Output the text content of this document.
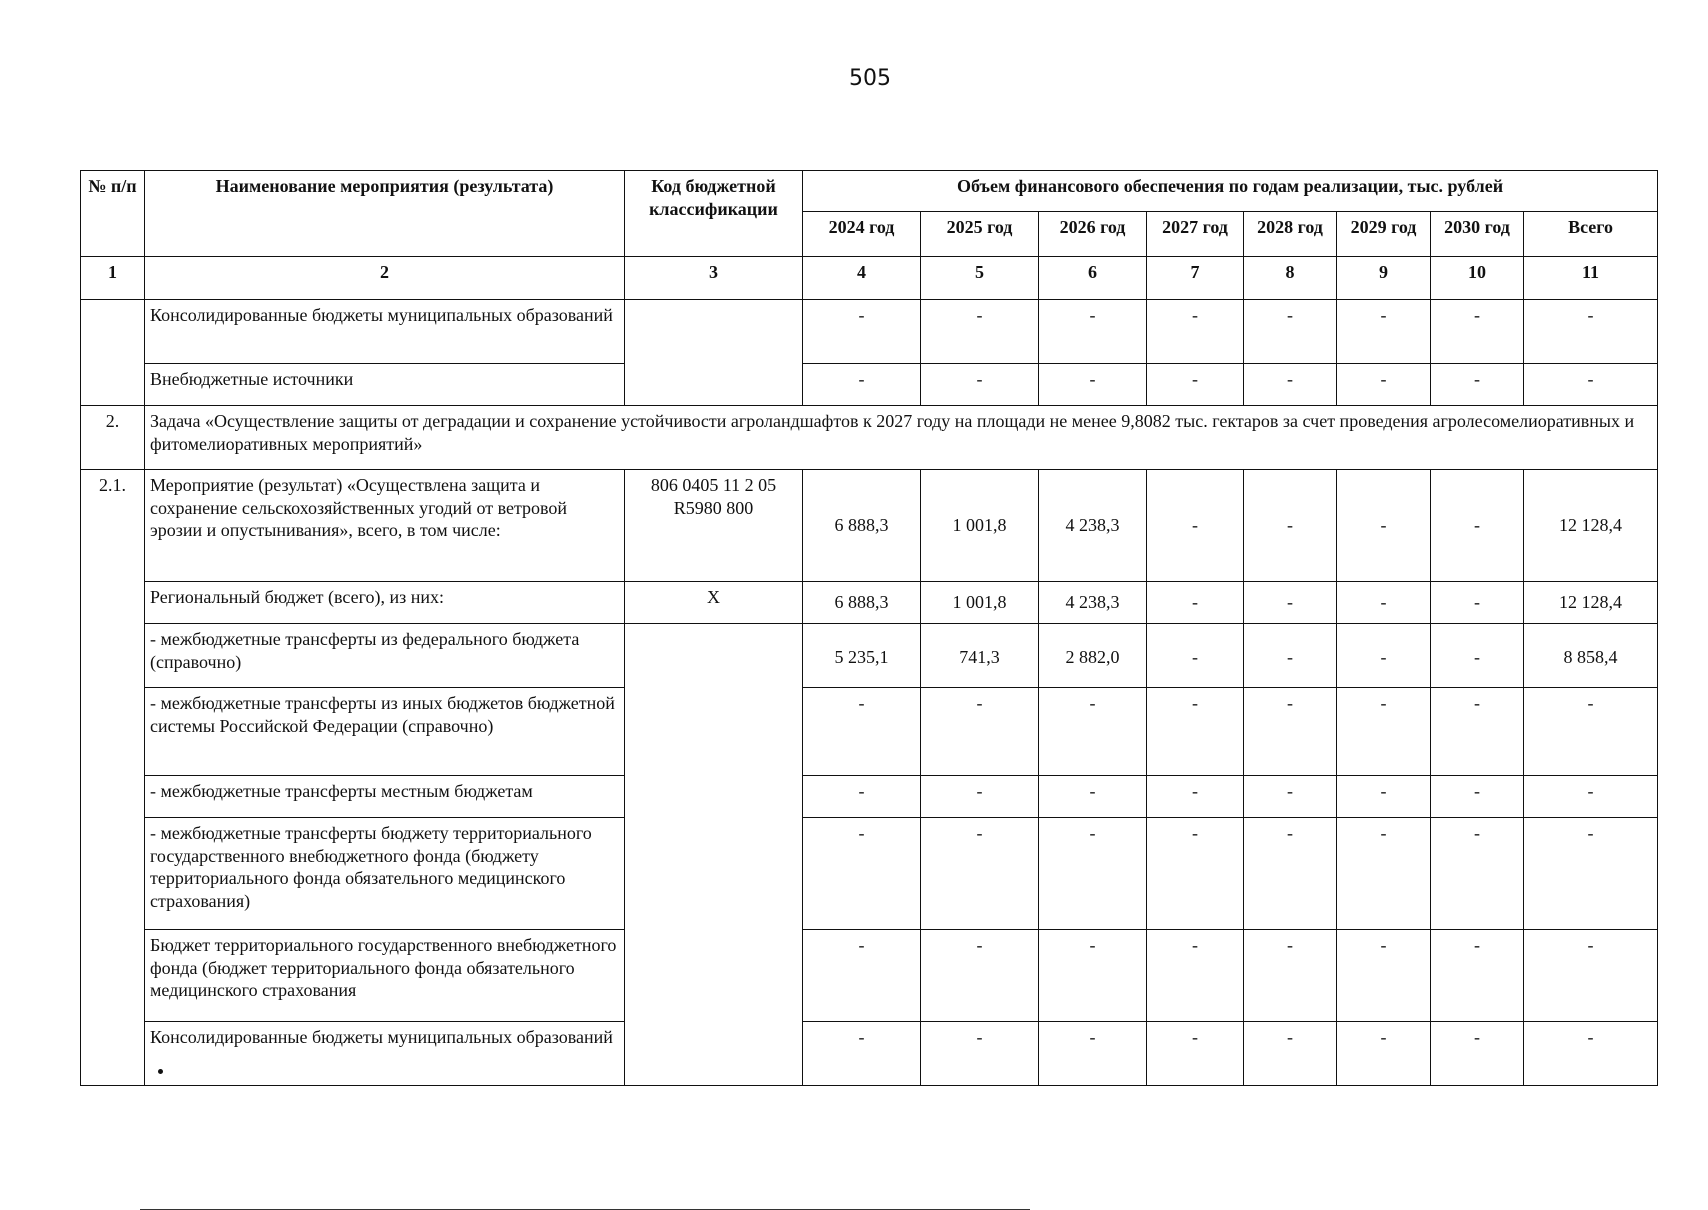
505
№ п/п	Наименование мероприятия (результата)	Код бюджетной классификации	Объем финансового обеспечения по годам реализации, тыс. рублей							
			2024 год	2025 год	2026 год	2027 год	2028 год	2029 год	2030 год	Всего
1	2	3	4	5	6	7	8	9	10	11
	Консолидированные бюджеты муниципальных образований		-	-	-	-	-	-	-	-
	Внебюджетные источники		-	-	-	-	-	-	-	-
2.	Задача «Осуществление защиты от деградации и сохранение устойчивости агроландшафтов к 2027 году на площади не менее 9,8082 тыс. гектаров за счет проведения агролесомелиоративных и фитомелиоративных мероприятий»									
2.1.	Мероприятие (результат) «Осуществлена защита и сохранение сельскохозяйственных угодий от ветровой эрозии и опустынивания», всего, в том числе:	806 0405 11 2 05 R5980 800	6 888,3	1 001,8	4 238,3	-	-	-	-	12 128,4
	Региональный бюджет (всего), из них:	X	6 888,3	1 001,8	4 238,3	-	-	-	-	12 128,4
	- межбюджетные трансферты из федерального бюджета (справочно)		5 235,1	741,3	2 882,0	-	-	-	-	8 858,4
	- межбюджетные трансферты из иных бюджетов бюджетной системы Российской Федерации (справочно)		-	-	-	-	-	-	-	-
	- межбюджетные трансферты местным бюджетам		-	-	-	-	-	-	-	-
	- межбюджетные трансферты бюджету территориального государственного внебюджетного фонда (бюджету территориального фонда обязательного медицинского страхования)		-	-	-	-	-	-	-	-
	Бюджет территориального государственного внебюджетного фонда (бюджет территориального фонда обязательного медицинского страхования		-	-	-	-	-	-	-	-
	Консолидированные бюджеты муниципальных образований		-	-	-	-	-	-	-	-
